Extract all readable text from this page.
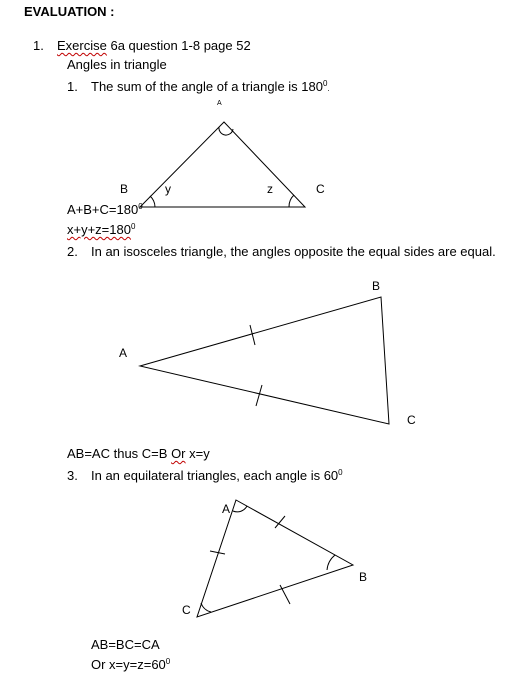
EVALUATION :
1. Exercise 6a question 1-8 page 52
Angles in triangle
1. The sum of the angle of a triangle is $180^0$.
A
B	C
y	z
$A+B+C=180^0$
$x+y+z=180^0$
2. In an isosceles triangle, the angles opposite the equal sides are equal.
A
B
C
AB=AC thus C=B Or x=y
3. In an equilateral triangles, each angle is $60^0$
A
B
C
AB=BC=CA
Or $x=y=z=60^0$
